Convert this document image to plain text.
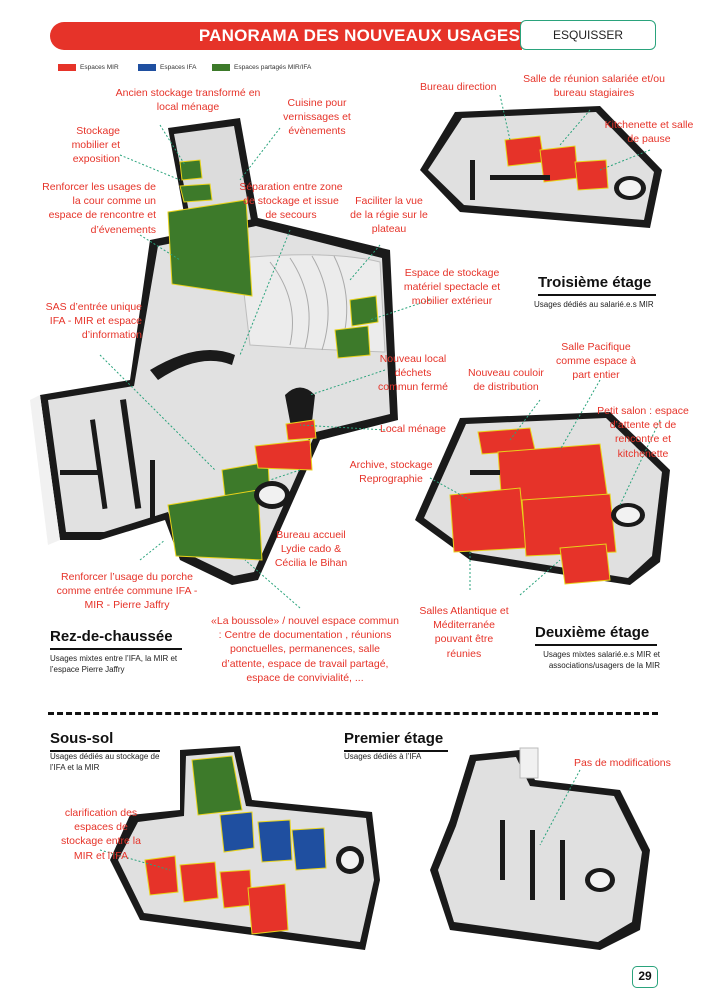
PANORAMA DES NOUVEAUX USAGES	ESQUISSER
Espaces MIR	Espaces IFA	Espaces partagés MIR/IFA
Ancien stockage transformé en local ménage	Cuisine pour vernissages et évènements
Stockage mobilier et exposition
Renforcer les usages de la cour comme un espace de rencontre et d’évenements
Séparation entre zone de stockage et issue de secours
Faciliter la vue de la régie sur le plateau
Espace de stockage matériel spectacle et mobilier extérieur
SAS d’entrée unique IFA - MIR et espace d’information
Nouveau local déchets commun fermé
Local ménage
Archive, stockage Reprographie
Bureau accueil Lydie cado & Cécilia le Bihan
Renforcer l’usage du porche comme entrée commune IFA - MIR - Pierre Jaffry
«La boussole» / nouvel espace commun : Centre de documentation , réunions ponctuelles, permanences, salle d’attente, espace de travail partagé, espace de convivialité, ...
Bureau direction
Salle de réunion salariée et/ou bureau stagiaires
Kitchenette et salle de pause
Salle Pacifique comme espace à part entier
Nouveau couloir de distribution
Petit salon : espace d’attente et de rencontre et kitchenette
Salles Atlantique et Méditerranée pouvant être réunies
clarification des espaces de stockage entre la MIR et l’IFA
Pas de modifications
Rez-de-chaussée
Usages mixtes entre l’IFA, la MIR et l’espace Pierre Jaffry
Troisième étage
Usages dédiés au salarié.e.s MIR
Deuxième étage
Usages mixtes salarié.e.s MIR et associations/usagers de la MIR
Sous-sol
Usages dédiés au stockage de l’IFA et la MIR
Premier étage
Usages dédiés à l’IFA
29
